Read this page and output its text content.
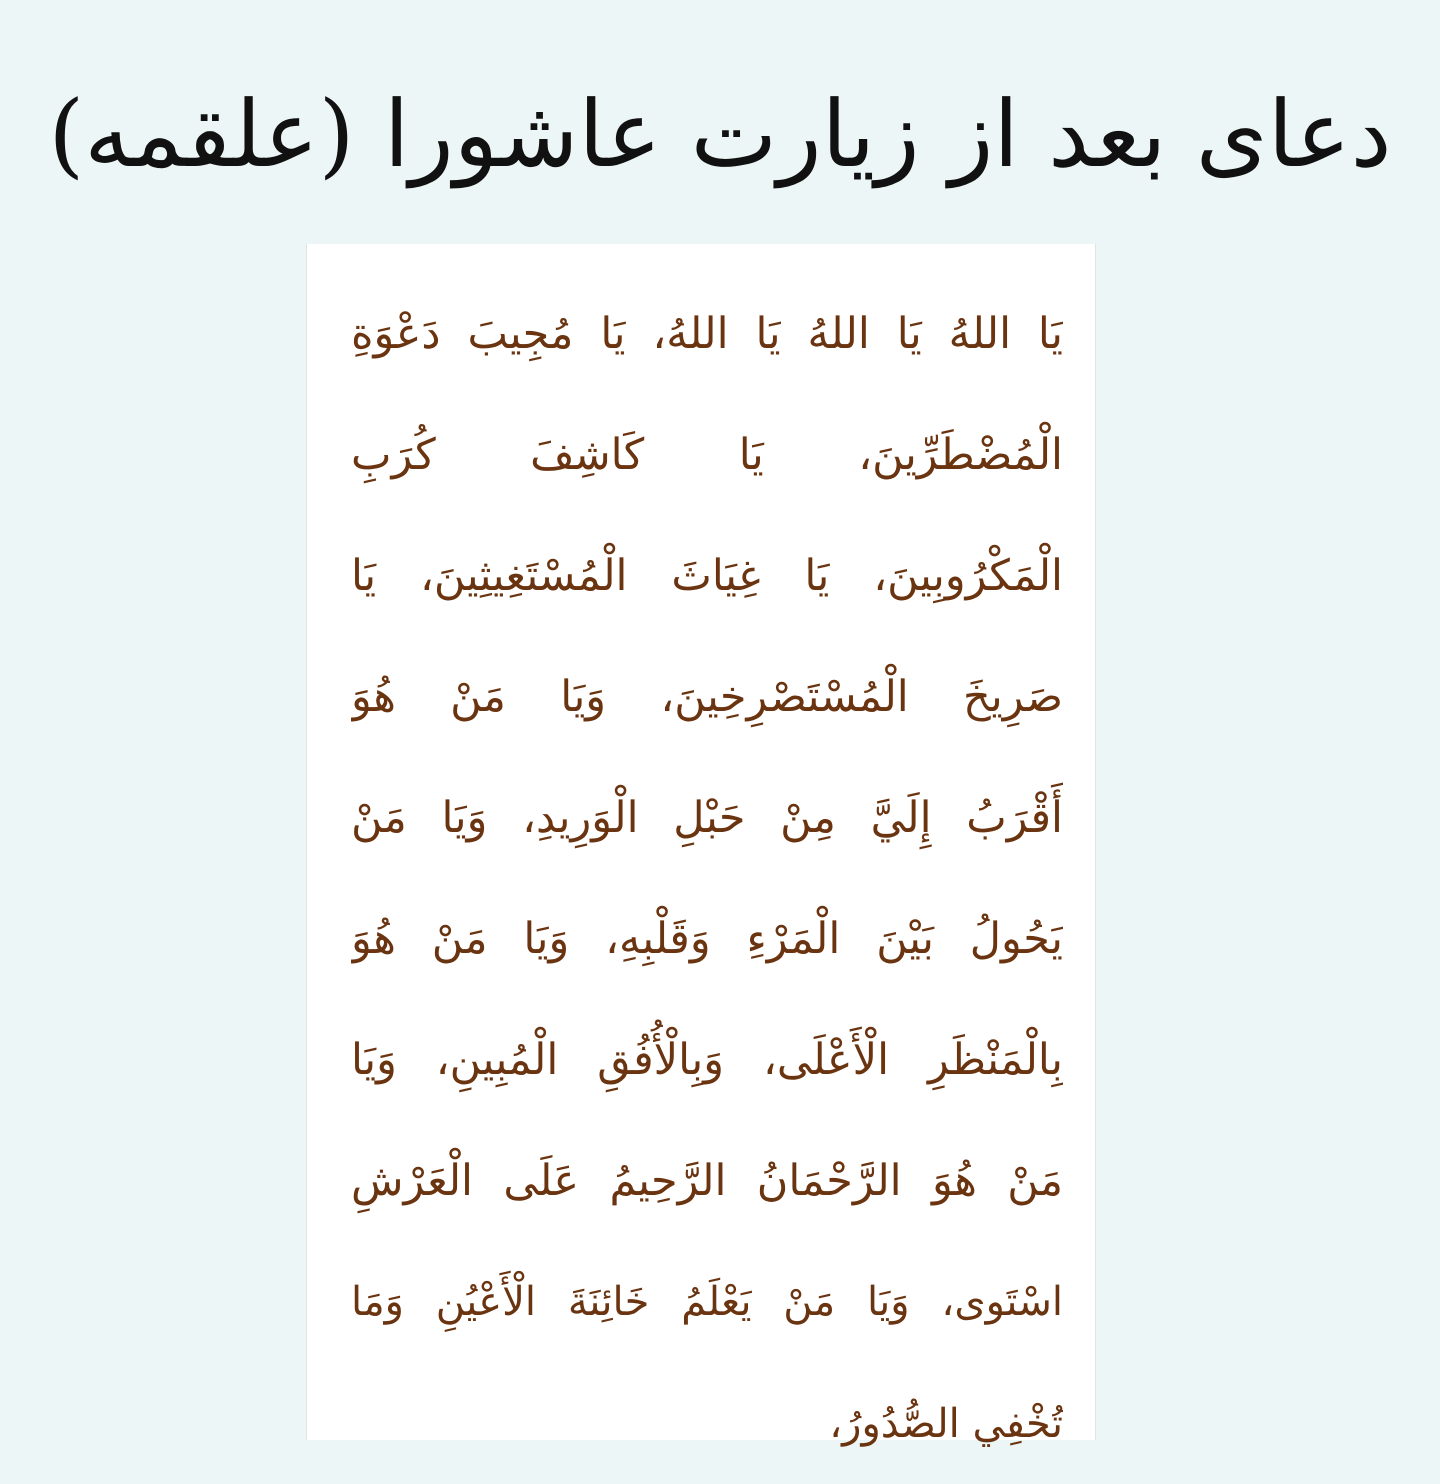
دعای بعد از زیارت عاشورا (علقمه)
يَا اللهُ يَا اللهُ يَا اللهُ، يَا مُجِيبَ دَعْوَةِ
الْمُضْطَرِّينَ، يَا كَاشِفَ كُرَبِ
الْمَكْرُوبِينَ، يَا غِيَاثَ الْمُسْتَغِيثِينَ، يَا
صَرِيخَ الْمُسْتَصْرِخِينَ، وَيَا مَنْ هُوَ
أَقْرَبُ إِلَيَّ مِنْ حَبْلِ الْوَرِيدِ، وَيَا مَنْ
يَحُولُ بَيْنَ الْمَرْءِ وَقَلْبِهِ، وَيَا مَنْ هُوَ
بِالْمَنْظَرِ الْأَعْلَى، وَبِالْأُفُقِ الْمُبِينِ، وَيَا
مَنْ هُوَ الرَّحْمَانُ الرَّحِيمُ عَلَى الْعَرْشِ
اسْتَوى، وَيَا مَنْ يَعْلَمُ خَائِنَةَ الْأَعْيُنِ وَمَا
تُخْفِي الصُّدُورُ،
